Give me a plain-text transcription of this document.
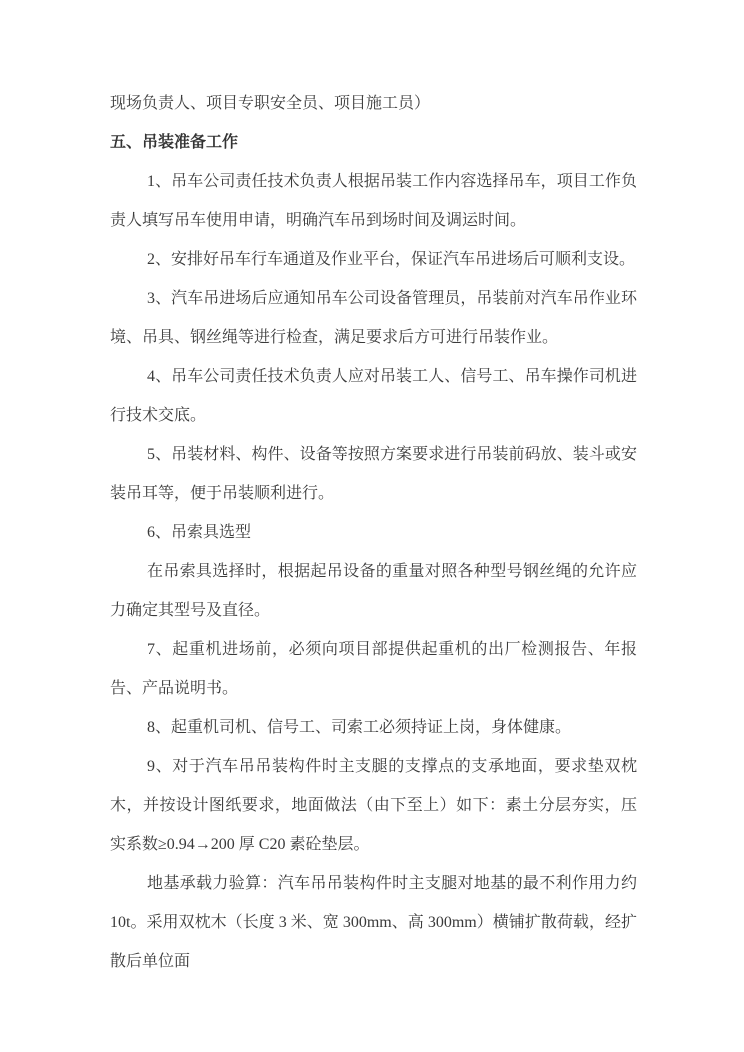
现场负责人、项目专职安全员、项目施工员）

五、吊装准备工作

1、吊车公司责任技术负责人根据吊装工作内容选择吊车，项目工作负责人填写吊车使用申请，明确汽车吊到场时间及调运时间。

2、安排好吊车行车通道及作业平台，保证汽车吊进场后可顺利支设。

3、汽车吊进场后应通知吊车公司设备管理员，吊装前对汽车吊作业环境、吊具、钢丝绳等进行检查，满足要求后方可进行吊装作业。

4、吊车公司责任技术负责人应对吊装工人、信号工、吊车操作司机进行技术交底。

5、吊装材料、构件、设备等按照方案要求进行吊装前码放、装斗或安装吊耳等，便于吊装顺利进行。

6、吊索具选型

在吊索具选择时，根据起吊设备的重量对照各种型号钢丝绳的允许应力确定其型号及直径。

7、起重机进场前，必须向项目部提供起重机的出厂检测报告、年报告、产品说明书。

8、起重机司机、信号工、司索工必须持证上岗，身体健康。

9、对于汽车吊吊装构件时主支腿的支撑点的支承地面，要求垫双枕木，并按设计图纸要求，地面做法（由下至上）如下：素土分层夯实，压实系数≥0.94→200 厚 C20 素砼垫层。

地基承载力验算：汽车吊吊装构件时主支腿对地基的最不利作用力约 10t。采用双枕木（长度 3 米、宽 300mm、高 300mm）横铺扩散荷载，经扩散后单位面
